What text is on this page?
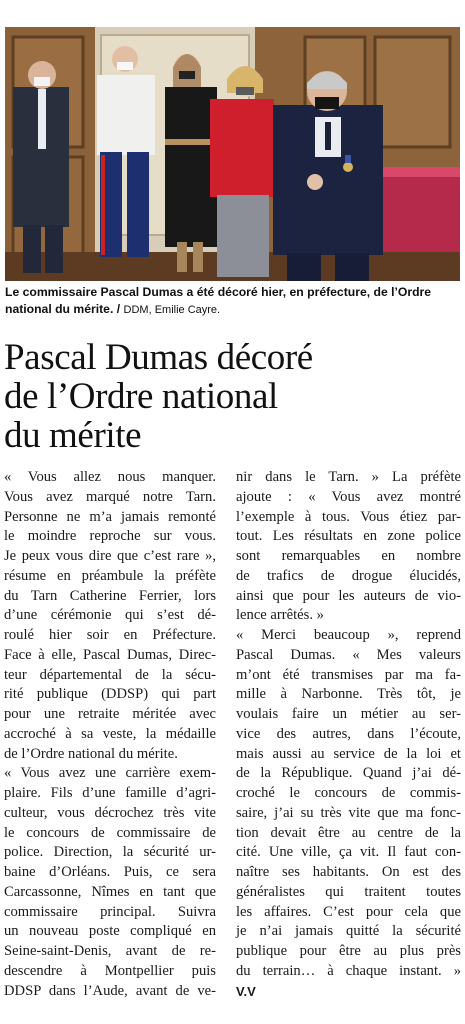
Le commissaire Pascal Dumas a été décoré hier, en préfecture, de l’Ordre national du mérite. / DDM, Emilie Cayre.
Pascal Dumas décoré
de l’Ordre national
du mérite
« Vous allez nous manquer.
Vous avez marqué notre Tarn.
Personne ne m’a jamais remonté
le moindre reproche sur vous.
Je peux vous dire que c’est rare »,
résume en préambule la préfète
du Tarn Catherine Ferrier, lors
d’une cérémonie qui s’est dé-
roulé hier soir en Préfecture.
Face à elle, Pascal Dumas, Direc-
teur départemental de la sécu-
rité publique (DDSP) qui part
pour une retraite méritée avec
accroché à sa veste, la médaille
de l’Ordre national du mérite.
« Vous avez une carrière exem-
plaire. Fils d’une famille d’agri-
culteur, vous décrochez très vite
le concours de commissaire de
police. Direction, la sécurité ur-
baine d’Orléans. Puis, ce sera
Carcassonne, Nîmes en tant que
commissaire principal. Suivra
un nouveau poste compliqué en
Seine-saint-Denis, avant de re-
descendre à Montpellier puis
DDSP dans l’Aude, avant de ve-
nir dans le Tarn. » La préfète
ajoute : « Vous avez montré
l’exemple à tous. Vous étiez par-
tout. Les résultats en zone police
sont remarquables en nombre
de trafics de drogue élucidés,
ainsi que pour les auteurs de vio-
lence arrêtés. »
« Merci beaucoup », reprend
Pascal Dumas. « Mes valeurs
m’ont été transmises par ma fa-
mille à Narbonne. Très tôt, je
voulais faire un métier au ser-
vice des autres, dans l’écoute,
mais aussi au service de la loi et
de la République. Quand j’ai dé-
croché le concours de commis-
saire, j’ai su très vite que ma fonc-
tion devait être au centre de la
cité. Une ville, ça vit. Il faut con-
naître ses habitants. On est des
généralistes qui traitent toutes
les affaires. C’est pour cela que
je n’ai jamais quitté la sécurité
publique pour être au plus près
du terrain… à chaque instant. »
V.V
